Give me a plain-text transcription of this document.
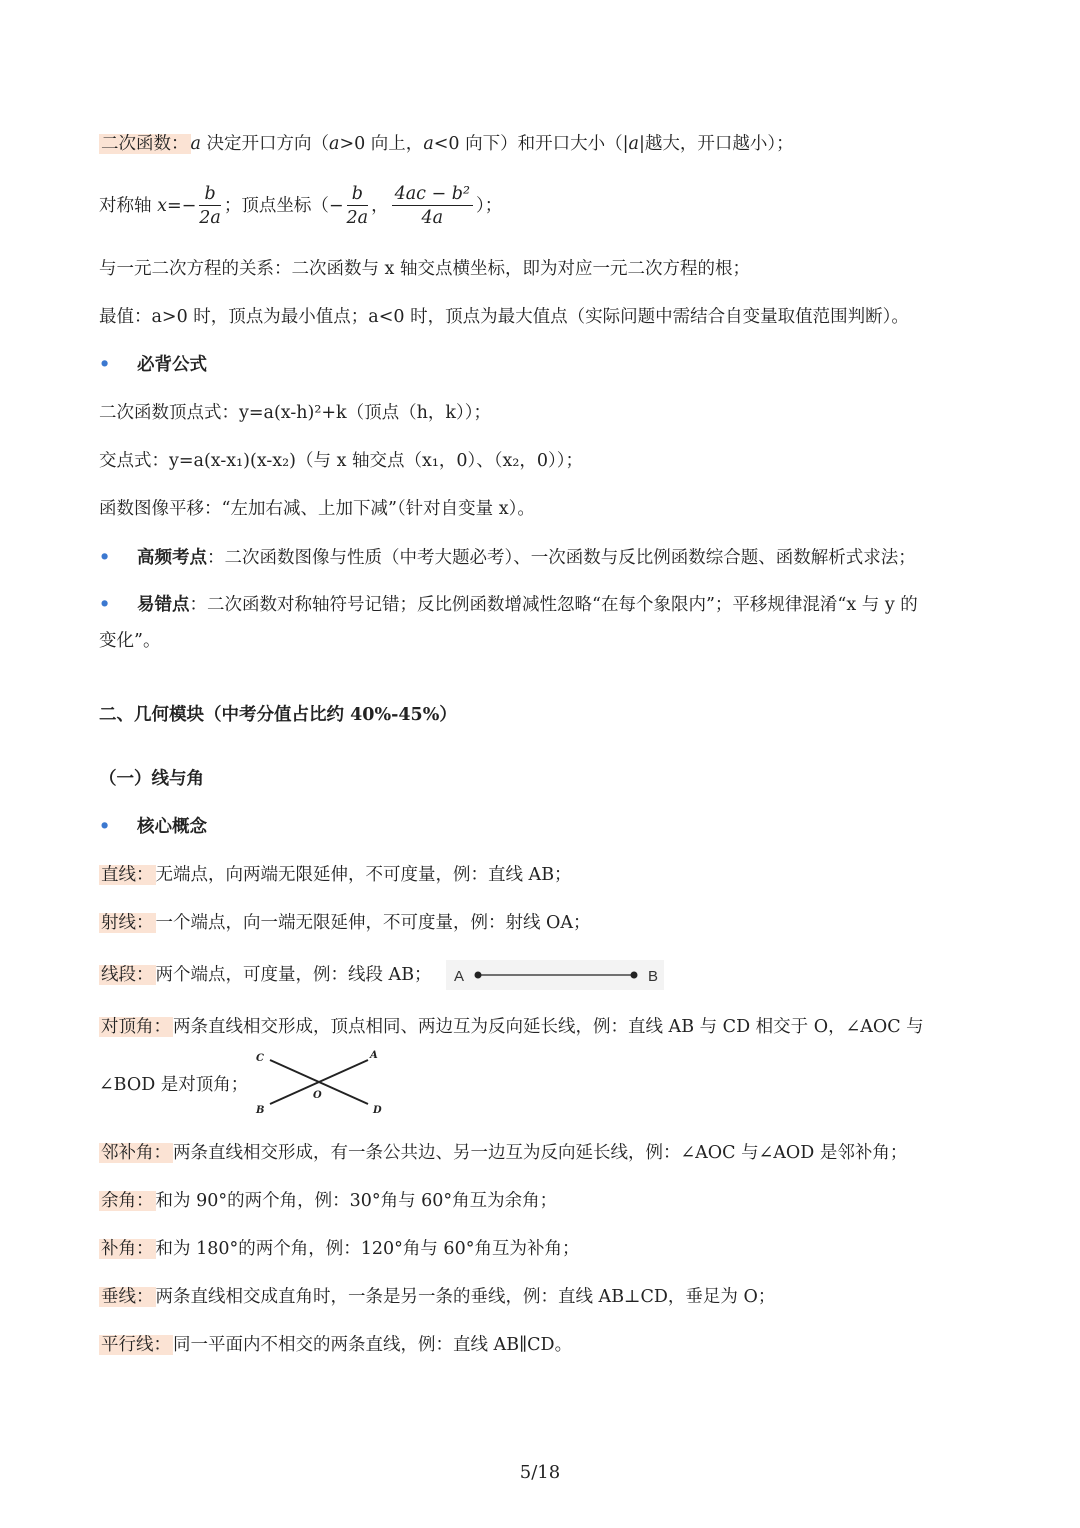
二次函数： a 决定开口方向（a>0 向上，a<0 向下）和开口大小（|a|越大，开口越小）；
对称轴 $x=- \frac{b}{2a}$ ；顶点坐标（− $\frac{b}{2a}$ ， $\frac{\text{4ac − b²}}{4a}$ ）；
与一元二次方程的关系：二次函数与 x 轴交点横坐标，即为对应一元二次方程的根；
最值：a>0 时，顶点为最小值点；a<0 时，顶点为最大值点（实际问题中需结合自变量取值范围判断）。
• 必背公式
二次函数顶点式：y=a(x-h)²+k（顶点（h，k））；
交点式：y=a(x-x₁)(x-x₂)（与 x 轴交点（x₁，0）、（x₂，0））；
函数图像平移：“左加右减、上加下减”（针对自变量 x）。
• 高频考点：二次函数图像与性质（中考大题必考）、一次函数与反比例函数综合题、函数解析式求法；
• 易错点：二次函数对称轴符号记错；反比例函数增减性忽略“在每个象限内”；平移规律混淆“x 与 y 的
变化”。
二、几何模块（中考分值占比约 40%-45%）
（一）线与角
• 核心概念
直线： 无端点，向两端无限延伸，不可度量，例：直线 AB；
射线： 一个端点，向一端无限延伸，不可度量，例：射线 OA；
线段： 两个端点，可度量，例：线段 AB；	A	B
对顶角： 两条直线相交形成，顶点相同、两边互为反向延长线，例：直线 AB 与 CD 相交于 O，∠AOC 与
∠BOD 是对顶角；
C	A
O
B	D
邻补角： 两条直线相交形成，有一条公共边、另一边互为反向延长线，例：∠AOC 与∠AOD 是邻补角；
余角： 和为 90°的两个角，例：30°角与 60°角互为余角；
补角： 和为 180°的两个角，例：120°角与 60°角互为补角；
垂线： 两条直线相交成直角时，一条是另一条的垂线，例：直线 AB⊥CD，垂足为 O；
平行线： 同一平面内不相交的两条直线，例：直线 AB∥CD。
5/18
